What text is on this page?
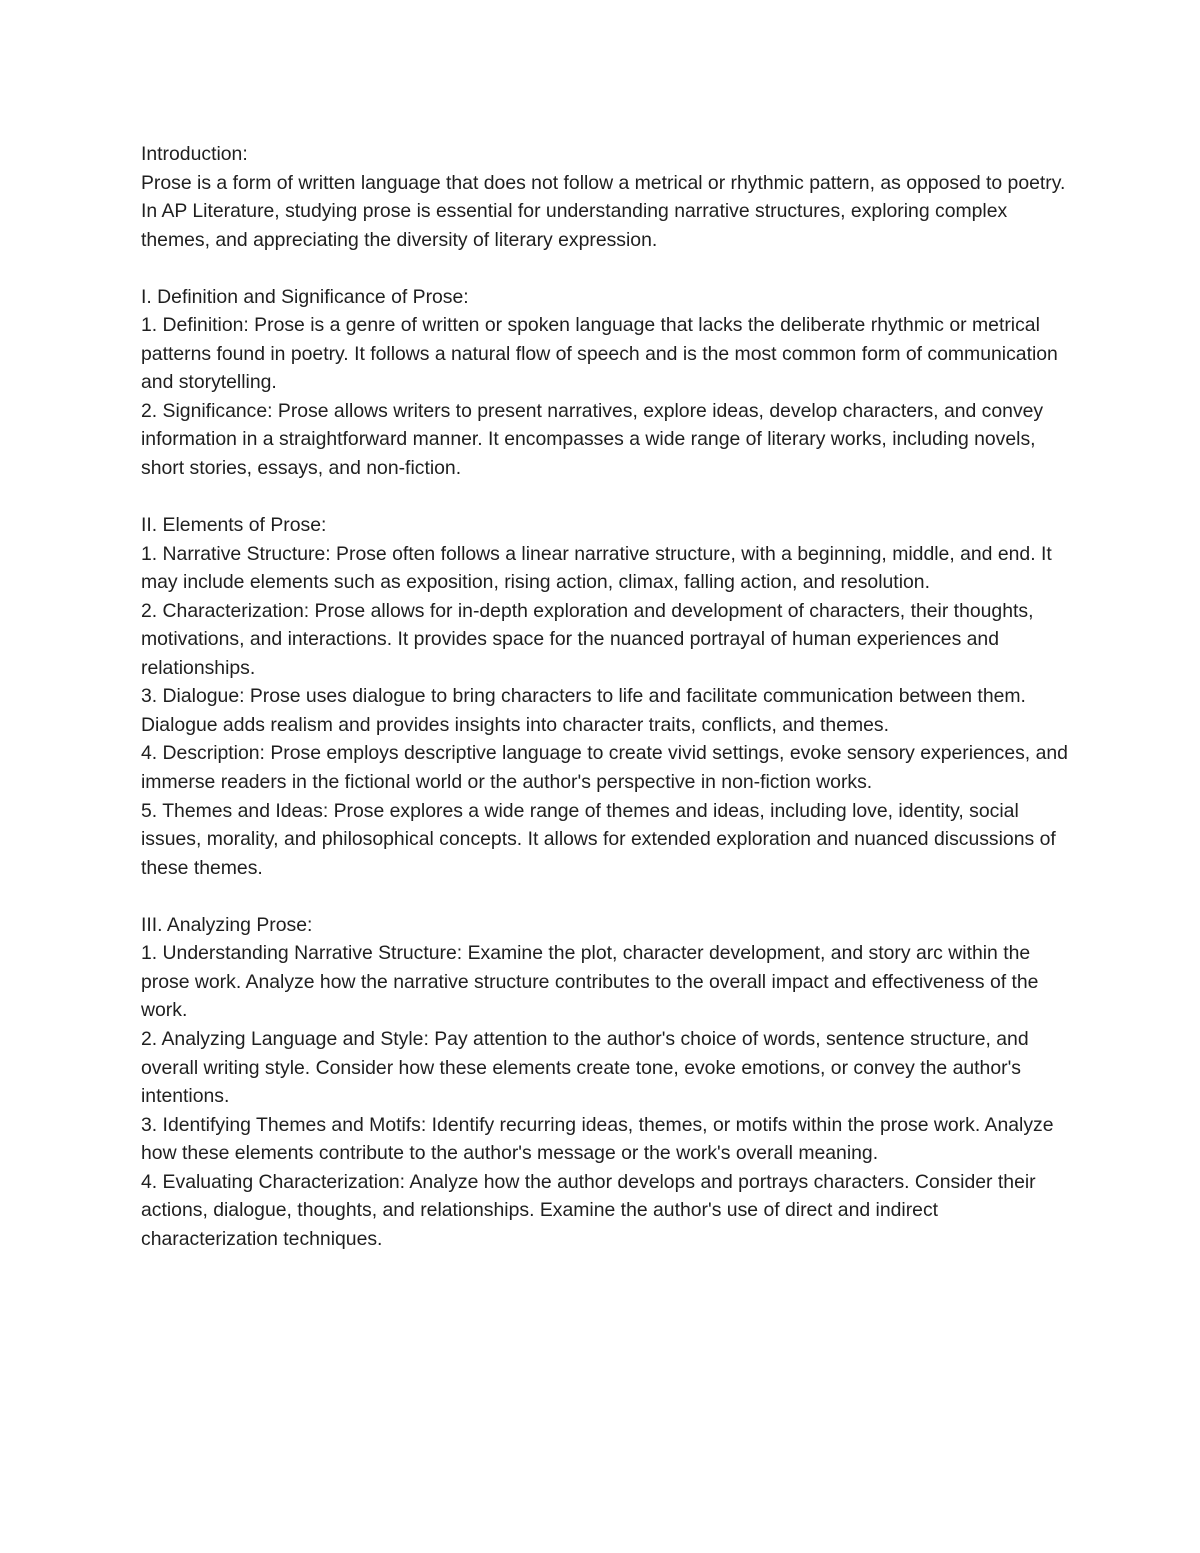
Introduction:

Prose is a form of written language that does not follow a metrical or rhythmic pattern, as opposed to poetry. In AP Literature, studying prose is essential for understanding narrative structures, exploring complex themes, and appreciating the diversity of literary expression.

I. Definition and Significance of Prose:

1. Definition: Prose is a genre of written or spoken language that lacks the deliberate rhythmic or metrical patterns found in poetry. It follows a natural flow of speech and is the most common form of communication and storytelling.

2. Significance: Prose allows writers to present narratives, explore ideas, develop characters, and convey information in a straightforward manner. It encompasses a wide range of literary works, including novels, short stories, essays, and non-fiction.

II. Elements of Prose:

1. Narrative Structure: Prose often follows a linear narrative structure, with a beginning, middle, and end. It may include elements such as exposition, rising action, climax, falling action, and resolution.

2. Characterization: Prose allows for in-depth exploration and development of characters, their thoughts, motivations, and interactions. It provides space for the nuanced portrayal of human experiences and relationships.

3. Dialogue: Prose uses dialogue to bring characters to life and facilitate communication between them. Dialogue adds realism and provides insights into character traits, conflicts, and themes.

4. Description: Prose employs descriptive language to create vivid settings, evoke sensory experiences, and immerse readers in the fictional world or the author's perspective in non-fiction works.

5. Themes and Ideas: Prose explores a wide range of themes and ideas, including love, identity, social issues, morality, and philosophical concepts. It allows for extended exploration and nuanced discussions of these themes.

III. Analyzing Prose:

1. Understanding Narrative Structure: Examine the plot, character development, and story arc within the prose work. Analyze how the narrative structure contributes to the overall impact and effectiveness of the work.

2. Analyzing Language and Style: Pay attention to the author's choice of words, sentence structure, and overall writing style. Consider how these elements create tone, evoke emotions, or convey the author's intentions.

3. Identifying Themes and Motifs: Identify recurring ideas, themes, or motifs within the prose work. Analyze how these elements contribute to the author's message or the work's overall meaning.

4. Evaluating Characterization: Analyze how the author develops and portrays characters. Consider their actions, dialogue, thoughts, and relationships. Examine the author's use of direct and indirect characterization techniques.
